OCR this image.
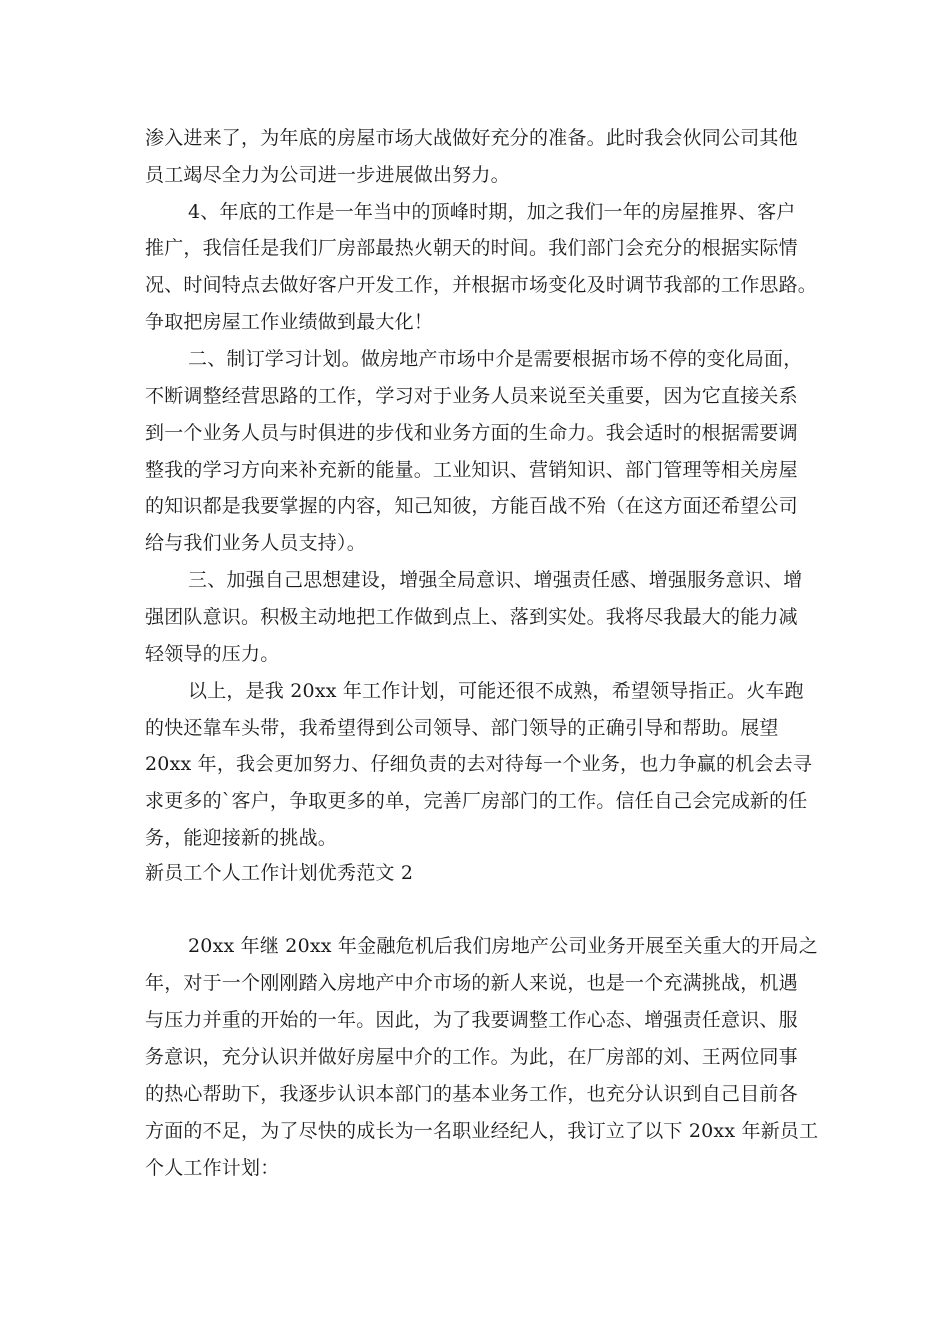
渗入进来了，为年底的房屋市场大战做好充分的准备。此时我会伙同公司其他
员工竭尽全力为公司进一步进展做出努力。
4、年底的工作是一年当中的顶峰时期，加之我们一年的房屋推界、客户
推广，我信任是我们厂房部最热火朝天的时间。我们部门会充分的根据实际情
况、时间特点去做好客户开发工作，并根据市场变化及时调节我部的工作思路。
争取把房屋工作业绩做到最大化！
二、制订学习计划。做房地产市场中介是需要根据市场不停的变化局面，
不断调整经营思路的工作，学习对于业务人员来说至关重要，因为它直接关系
到一个业务人员与时俱进的步伐和业务方面的生命力。我会适时的根据需要调
整我的学习方向来补充新的能量。工业知识、营销知识、部门管理等相关房屋
的知识都是我要掌握的内容，知己知彼，方能百战不殆（在这方面还希望公司
给与我们业务人员支持）。
三、加强自己思想建设，增强全局意识、增强责任感、增强服务意识、增
强团队意识。积极主动地把工作做到点上、落到实处。我将尽我最大的能力减
轻领导的压力。
以上，是我 20xx 年工作计划，可能还很不成熟，希望领导指正。火车跑
的快还靠车头带，我希望得到公司领导、部门领导的正确引导和帮助。展望
20xx 年，我会更加努力、仔细负责的去对待每一个业务，也力争赢的机会去寻
求更多的`客户，争取更多的单，完善厂房部门的工作。信任自己会完成新的任
务，能迎接新的挑战。
新员工个人工作计划优秀范文 2
20xx 年继 20xx 年金融危机后我们房地产公司业务开展至关重大的开局之
年，对于一个刚刚踏入房地产中介市场的新人来说，也是一个充满挑战，机遇
与压力并重的开始的一年。因此，为了我要调整工作心态、增强责任意识、服
务意识，充分认识并做好房屋中介的工作。为此，在厂房部的刘、王两位同事
的热心帮助下，我逐步认识本部门的基本业务工作，也充分认识到自己目前各
方面的不足，为了尽快的成长为一名职业经纪人，我订立了以下 20xx 年新员工
个人工作计划：
